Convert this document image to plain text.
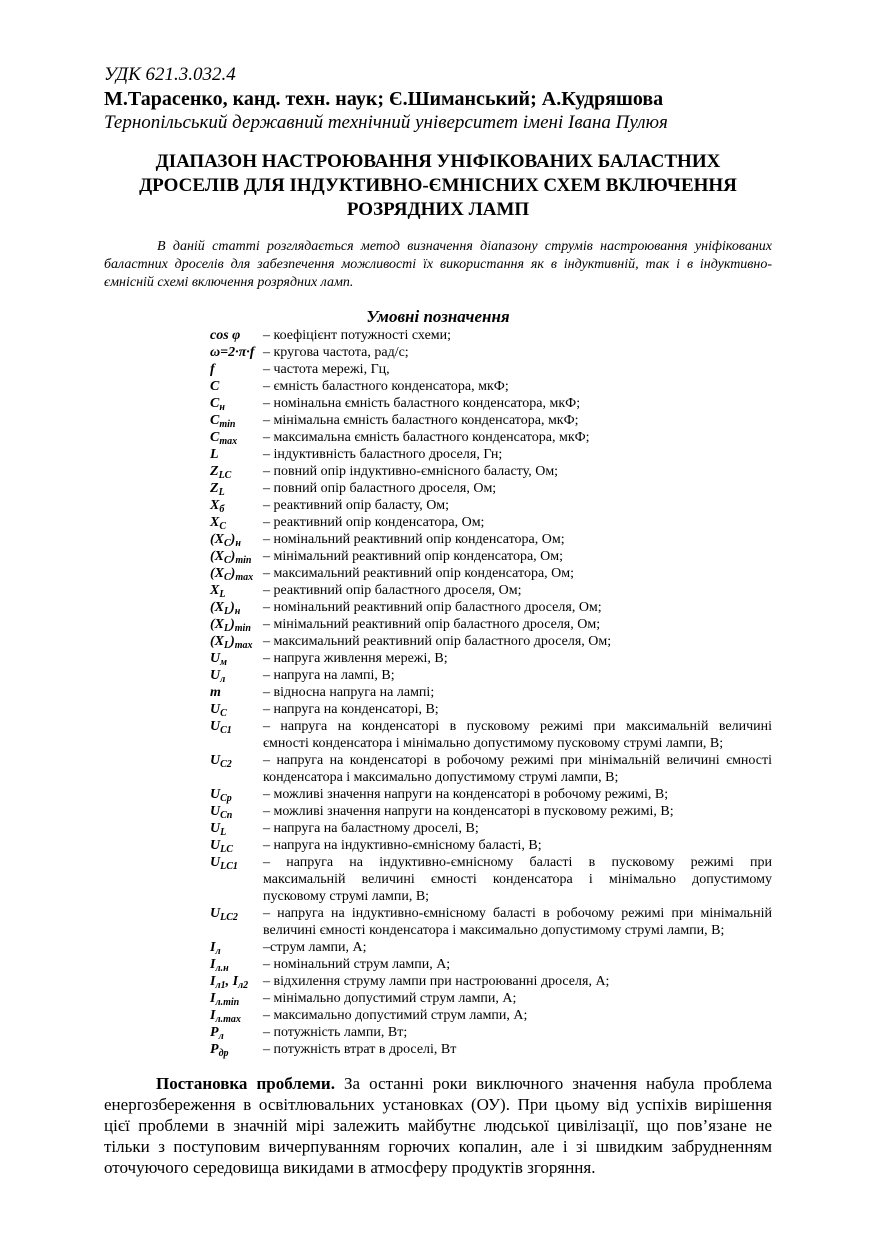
УДК 621.3.032.4
М.Тарасенко, канд. техн. наук; Є.Шиманський; А.Кудряшова
Тернопільський державний технічний університет імені Івана Пулюя
ДІАПАЗОН НАСТРОЮВАННЯ УНІФІКОВАНИХ БАЛАСТНИХ
ДРОСЕЛІВ ДЛЯ ІНДУКТИВНО-ЄМНІСНИХ СХЕМ ВКЛЮЧЕННЯ
РОЗРЯДНИХ ЛАМП
В даній статті розглядається метод визначення діапазону струмів настроювання уніфікованих
баластних дроселів для забезпечення можливості їх використання як в індуктивній, так і в індуктивно-
ємнісній схемі включення розрядних ламп.
Умовні позначення
cos φ	– коефіцієнт потужності схеми;
ω=2·π·f – кругова частота, рад/с;
f	– частота мережі, Гц,
C	– ємність баластного конденсатора, мкФ;
$C_н$	– номінальна ємність баластного конденсатора, мкФ;
$C_{min}$	– мінімальна ємність баластного конденсатора, мкФ;
$C_{max}$	– максимальна ємність баластного конденсатора, мкФ;
L	– індуктивність баластного дроселя, Гн;
$Z_{LC}$	– повний опір індуктивно-ємнісного баласту, Ом;
$Z_L$	– повний опір баластного дроселя, Ом;
$X_б$	– реактивний опір баласту, Ом;
$X_C$	– реактивний опір конденсатора, Ом;
$(X_C)_н$	– номінальний реактивний опір конденсатора, Ом;
$(X_C)_{min}$ – мінімальний реактивний опір конденсатора, Ом;
$(X_C)_{max}$ – максимальний реактивний опір конденсатора, Ом;
$X_L$	– реактивний опір баластного дроселя, Ом;
$(X_L)_н$	– номінальний реактивний опір баластного дроселя, Ом;
$(X_L)_{min}$ – мінімальний реактивний опір баластного дроселя, Ом;
$(X_L)_{max}$ – максимальний реактивний опір баластного дроселя, Ом;
$U_м$	– напруга живлення мережі, В;
$U_л$	– напруга на лампі, В;
m	– відносна напруга на лампі;
$U_C$	– напруга на конденсаторі, В;
$U_{C1}$	– напруга на конденсаторі в пусковому режимі при максимальній величині
ємності конденсатора і мінімально допустимому пусковому струмі лампи, В;
$U_{C2}$	– напруга на конденсаторі в робочому режимі при мінімальній величині ємності
конденсатора і максимально допустимому струмі лампи, В;
$U_{Cр}$	– можливі значення напруги на конденсаторі в робочому режимі, В;
$U_{Cп}$	– можливі значення напруги на конденсаторі в пусковому режимі, В;
$U_L$	– напруга на баластному дроселі, В;
$U_{LC}$	– напруга на індуктивно-ємнісному баласті, В;
$U_{LC1}$	– напруга на індуктивно-ємнісному баласті в пусковому режимі при
максимальній величині ємності конденсатора і мінімально допустимому
пусковому струмі лампи, В;
$U_{LC2}$	– напруга на індуктивно-ємнісному баласті в робочому режимі при мінімальній
величині ємності конденсатора і максимально допустимому струмі лампи, В;
$I_л$	–струм лампи, А;
$I_{л.н}$	– номінальний струм лампи, А;
$I_{л1}$, $I_{л2}$	– відхилення струму лампи при настроюванні дроселя, А;
$I_{л.min}$	– мінімально допустимий струм лампи, А;
$I_{л.max}$	– максимально допустимий струм лампи, А;
$P_л$	– потужність лампи, Вт;
$P_{др}$	– потужність втрат в дроселі, Вт
Постановка проблеми. За останні роки виключного значення набула проблема
енергозбереження в освітлювальних установках (ОУ). При цьому від успіхів вирішення
цієї проблеми в значній мірі залежить майбутнє людської цивілізації, що пов’язане не
тільки з поступовим вичерпуванням горючих копалин, але і зі швидким забрудненням
оточуючого середовища викидами в атмосферу продуктів згоряння.
